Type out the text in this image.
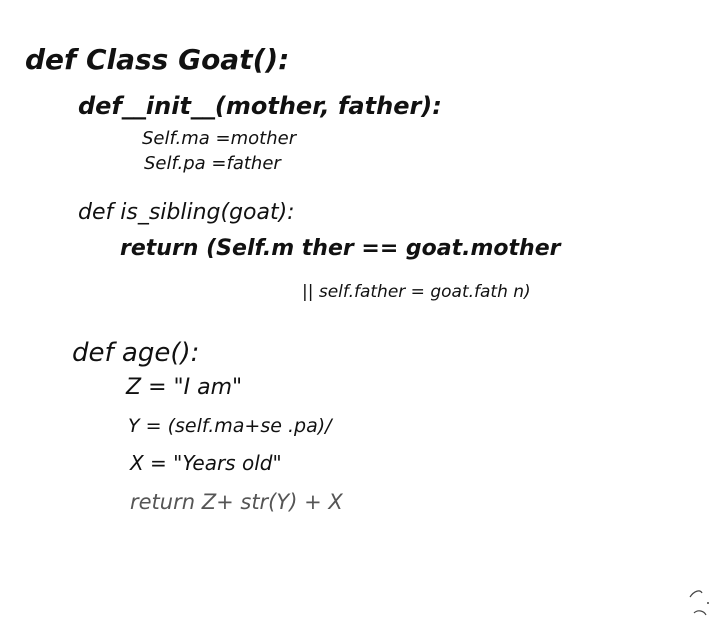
def Class Goat():
def__init__(mother, father):
Self.ma =mother
Self.pa =father
def is_sibling(goat):
return (Self.m ther == goat.mother
|| self.father = goat.fath n)
def age():
Z = "I am"
Y = (self.ma+se .pa)/
X = "Years old"
return Z+ str(Y) + X
